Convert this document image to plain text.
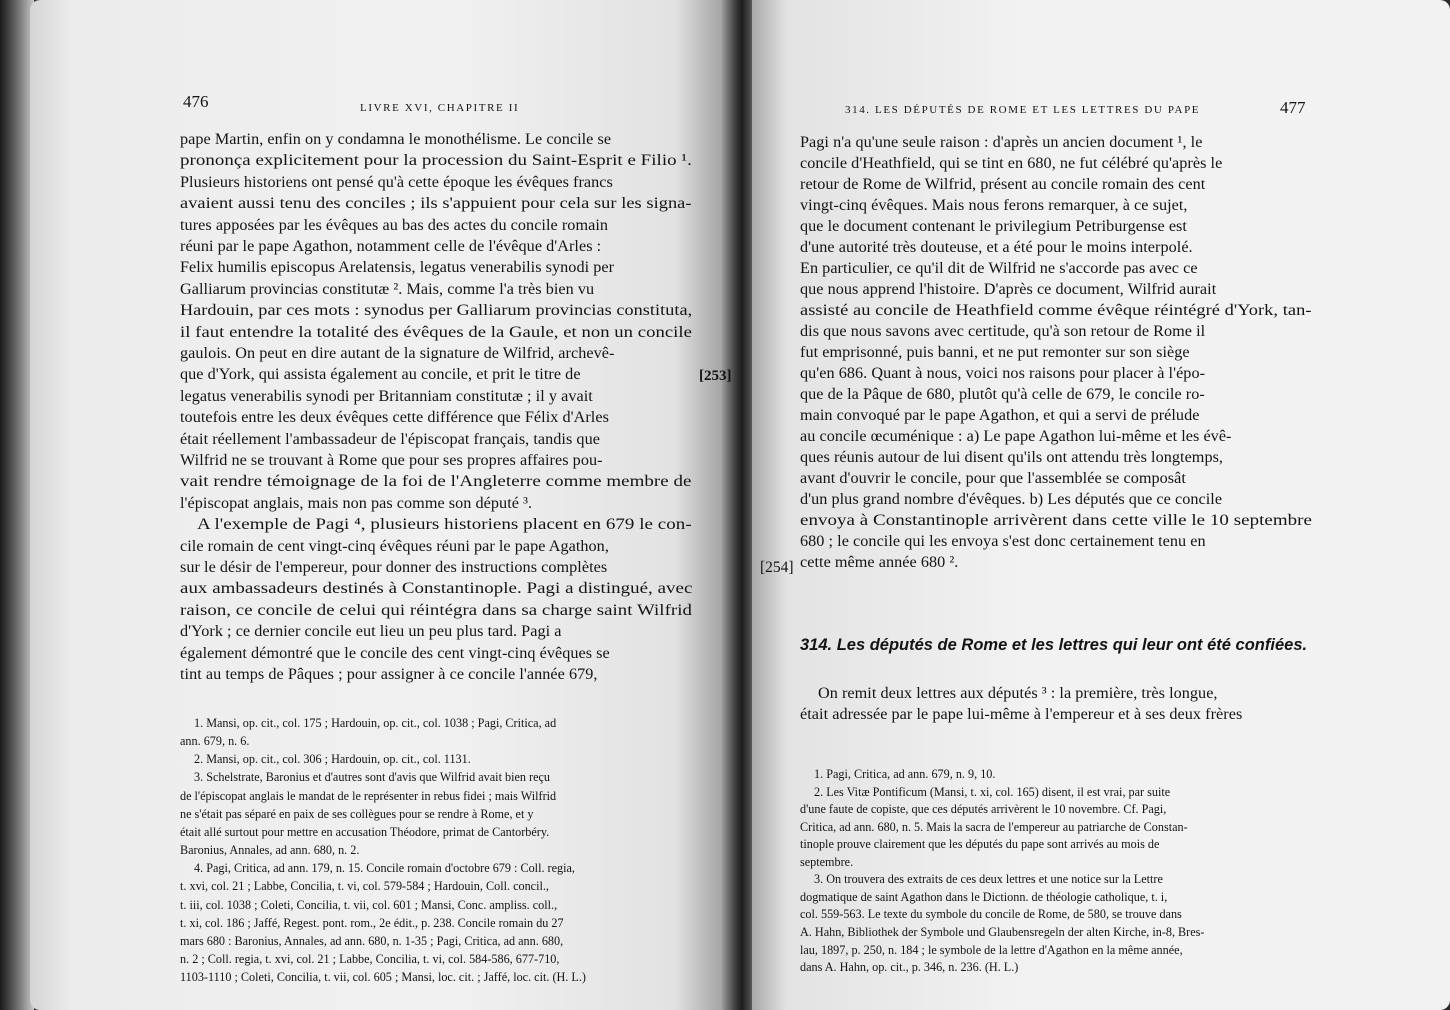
476	LIVRE XVI, CHAPITRE II
pape Martin, enfin on y condamna le monothélisme. Le concile se
prononça explicitement pour la procession du Saint-Esprit e Filio ¹.
Plusieurs historiens ont pensé qu'à cette époque les évêques francs
avaient aussi tenu des conciles ; ils s'appuient pour cela sur les signa-
tures apposées par les évêques au bas des actes du concile romain
réuni par le pape Agathon, notamment celle de l'évêque d'Arles :
Felix humilis episcopus Arelatensis, legatus venerabilis synodi per
Galliarum provincias constitutæ ². Mais, comme l'a très bien vu
Hardouin, par ces mots : synodus per Galliarum provincias constituta,
il faut entendre la totalité des évêques de la Gaule, et non un concile
gaulois. On peut en dire autant de la signature de Wilfrid, archevê-
que d'York, qui assista également au concile, et prit le titre de
legatus venerabilis synodi per Britanniam constitutæ ; il y avait
toutefois entre les deux évêques cette différence que Félix d'Arles
était réellement l'ambassadeur de l'épiscopat français, tandis que
Wilfrid ne se trouvant à Rome que pour ses propres affaires pou-
vait rendre témoignage de la foi de l'Angleterre comme membre de
l'épiscopat anglais, mais non pas comme son député ³.
A l'exemple de Pagi ⁴, plusieurs historiens placent en 679 le con-
cile romain de cent vingt-cinq évêques réuni par le pape Agathon,
sur le désir de l'empereur, pour donner des instructions complètes
aux ambassadeurs destinés à Constantinople. Pagi a distingué, avec
raison, ce concile de celui qui réintégra dans sa charge saint Wilfrid
d'York ; ce dernier concile eut lieu un peu plus tard. Pagi a
également démontré que le concile des cent vingt-cinq évêques se
tint au temps de Pâques ; pour assigner à ce concile l'année 679,
1. Mansi, op. cit., col. 175 ; Hardouin, op. cit., col. 1038 ; Pagi, Critica, ad
ann. 679, n. 6.
2. Mansi, op. cit., col. 306 ; Hardouin, op. cit., col. 1131.
3. Schelstrate, Baronius et d'autres sont d'avis que Wilfrid avait bien reçu
de l'épiscopat anglais le mandat de le représenter in rebus fidei ; mais Wilfrid
ne s'était pas séparé en paix de ses collègues pour se rendre à Rome, et y
était allé surtout pour mettre en accusation Théodore, primat de Cantorbéry.
Baronius, Annales, ad ann. 680, n. 2.
4. Pagi, Critica, ad ann. 179, n. 15. Concile romain d'octobre 679 : Coll. regia,
t. xvi, col. 21 ; Labbe, Concilia, t. vi, col. 579-584 ; Hardouin, Coll. concil.,
t. iii, col. 1038 ; Coleti, Concilia, t. vii, col. 601 ; Mansi, Conc. ampliss. coll.,
t. xi, col. 186 ; Jaffé, Regest. pont. rom., 2e édit., p. 238. Concile romain du 27
mars 680 : Baronius, Annales, ad ann. 680, n. 1-35 ; Pagi, Critica, ad ann. 680,
n. 2 ; Coll. regia, t. xvi, col. 21 ; Labbe, Concilia, t. vi, col. 584-586, 677-710,
1103-1110 ; Coleti, Concilia, t. vii, col. 605 ; Mansi, loc. cit. ; Jaffé, loc. cit. (H. L.)
[253]
314. LES DÉPUTÉS DE ROME ET LES LETTRES DU PAPE	477
Pagi n'a qu'une seule raison : d'après un ancien document ¹, le
concile d'Heathfield, qui se tint en 680, ne fut célébré qu'après le
retour de Rome de Wilfrid, présent au concile romain des cent
vingt-cinq évêques. Mais nous ferons remarquer, à ce sujet,
que le document contenant le privilegium Petriburgense est
d'une autorité très douteuse, et a été pour le moins interpolé.
En particulier, ce qu'il dit de Wilfrid ne s'accorde pas avec ce
que nous apprend l'histoire. D'après ce document, Wilfrid aurait
assisté au concile de Heathfield comme évêque réintégré d'York, tan-
dis que nous savons avec certitude, qu'à son retour de Rome il
fut emprisonné, puis banni, et ne put remonter sur son siège
qu'en 686. Quant à nous, voici nos raisons pour placer à l'épo-
que de la Pâque de 680, plutôt qu'à celle de 679, le concile ro-
main convoqué par le pape Agathon, et qui a servi de prélude
au concile œcuménique : a) Le pape Agathon lui-même et les évê-
ques réunis autour de lui disent qu'ils ont attendu très longtemps,
avant d'ouvrir le concile, pour que l'assemblée se composât
d'un plus grand nombre d'évêques. b) Les députés que ce concile
envoya à Constantinople arrivèrent dans cette ville le 10 septembre
680 ; le concile qui les envoya s'est donc certainement tenu en
cette même année 680 ².
314. Les députés de Rome et les lettres qui leur ont été confiées.
On remit deux lettres aux députés ³ : la première, très longue,
était adressée par le pape lui-même à l'empereur et à ses deux frères
1. Pagi, Critica, ad ann. 679, n. 9, 10.
2. Les Vitæ Pontificum (Mansi, t. xi, col. 165) disent, il est vrai, par suite
d'une faute de copiste, que ces députés arrivèrent le 10 novembre. Cf. Pagi,
Critica, ad ann. 680, n. 5. Mais la sacra de l'empereur au patriarche de Constan-
tinople prouve clairement que les députés du pape sont arrivés au mois de
septembre.
3. On trouvera des extraits de ces deux lettres et une notice sur la Lettre
dogmatique de saint Agathon dans le Dictionn. de théologie catholique, t. i,
col. 559-563. Le texte du symbole du concile de Rome, de 580, se trouve dans
A. Hahn, Bibliothek der Symbole und Glaubensregeln der alten Kirche, in-8, Bres-
lau, 1897, p. 250, n. 184 ; le symbole de la lettre d'Agathon en la même année,
dans A. Hahn, op. cit., p. 346, n. 236. (H. L.)
[254]
